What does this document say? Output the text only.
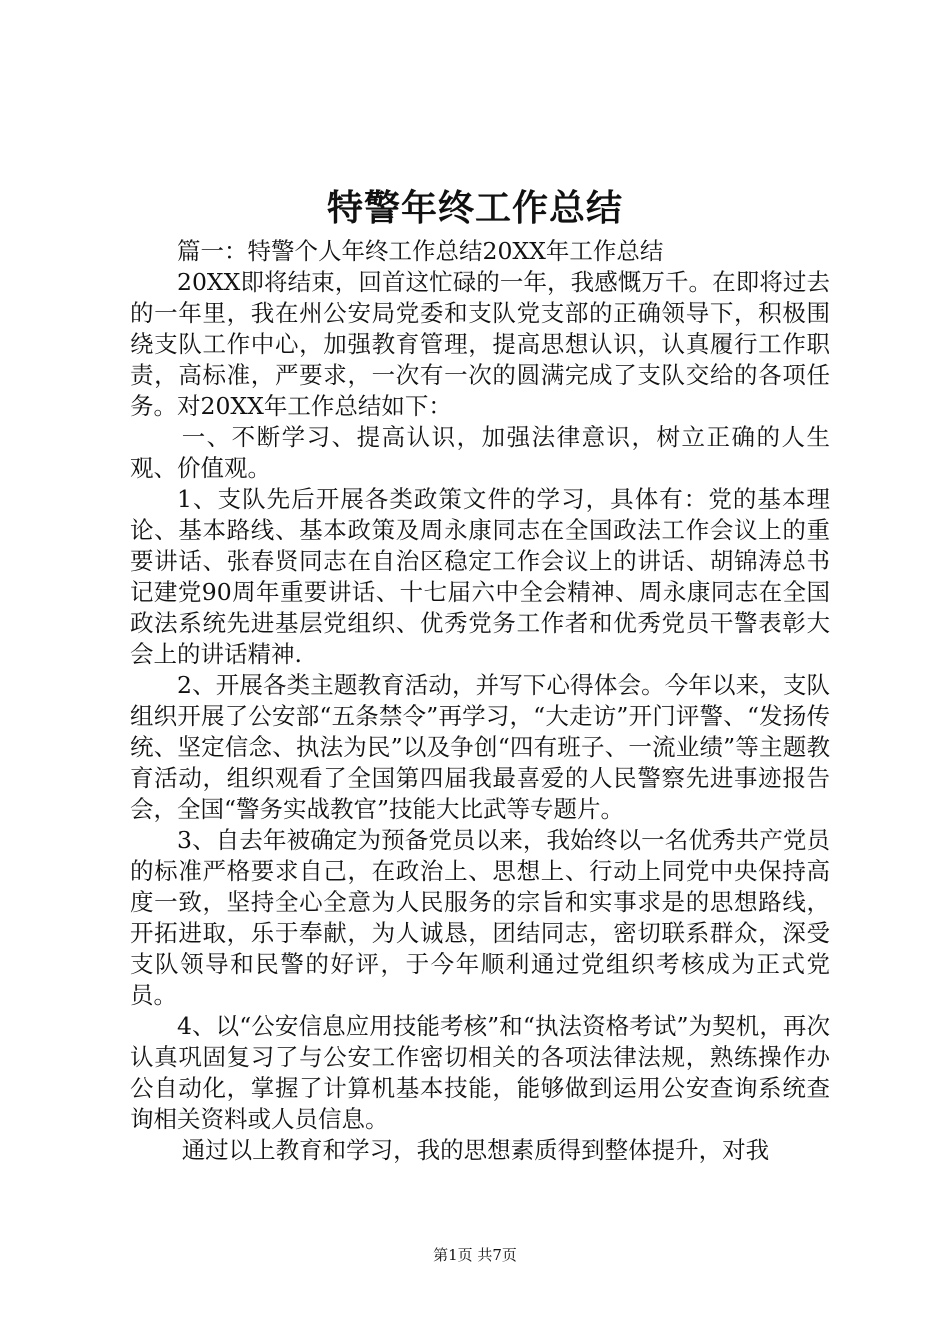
特警年终工作总结

篇一：特警个人年终工作总结20XX年工作总结

20XX即将结束，回首这忙碌的一年，我感慨万千。在即将过去的一年里，我在州公安局党委和支队党支部的正确领导下，积极围绕支队工作中心，加强教育管理，提高思想认识，认真履行工作职责，高标准，严要求，一次有一次的圆满完成了支队交给的各项任务。对20XX年工作总结如下：

一、不断学习、提高认识，加强法律意识，树立正确的人生观、价值观。

1、支队先后开展各类政策文件的学习，具体有：党的基本理论、基本路线、基本政策及周永康同志在全国政法工作会议上的重要讲话、张春贤同志在自治区稳定工作会议上的讲话、胡锦涛总书记建党90周年重要讲话、十七届六中全会精神、周永康同志在全国政法系统先进基层党组织、优秀党务工作者和优秀党员干警表彰大会上的讲话精神.

2、开展各类主题教育活动，并写下心得体会。今年以来，支队组织开展了公安部“五条禁令”再学习，“大走访”开门评警、“发扬传统、坚定信念、执法为民”以及争创“四有班子、一流业绩”等主题教育活动，组织观看了全国第四届我最喜爱的人民警察先进事迹报告会，全国“警务实战教官”技能大比武等专题片。

3、自去年被确定为预备党员以来，我始终以一名优秀共产党员的标准严格要求自己，在政治上、思想上、行动上同党中央保持高度一致，坚持全心全意为人民服务的宗旨和实事求是的思想路线，开拓进取，乐于奉献，为人诚恳，团结同志，密切联系群众，深受支队领导和民警的好评，于今年顺利通过党组织考核成为正式党员。

4、以“公安信息应用技能考核”和“执法资格考试”为契机，再次认真巩固复习了与公安工作密切相关的各项法律法规，熟练操作办公自动化，掌握了计算机基本技能，能够做到运用公安查询系统查询相关资料或人员信息。

通过以上教育和学习，我的思想素质得到整体提升，对我

第1页 共7页
